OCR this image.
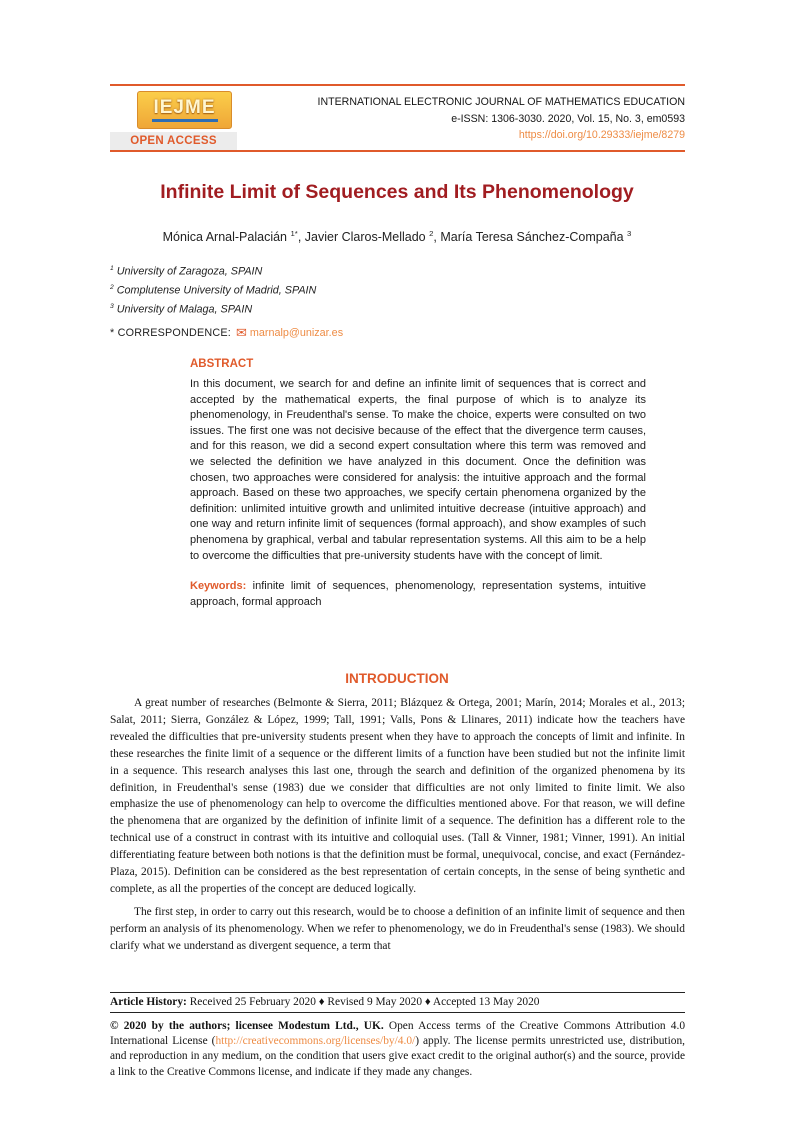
IEJME
OPEN ACCESS
INTERNATIONAL ELECTRONIC JOURNAL OF MATHEMATICS EDUCATION
e-ISSN: 1306-3030. 2020, Vol. 15, No. 3, em0593
https://doi.org/10.29333/iejme/8279
Infinite Limit of Sequences and Its Phenomenology
Mónica Arnal-Palacián $^{1*}$, Javier Claros-Mellado $^2$, María Teresa Sánchez-Compaña $^3$
$^1$ University of Zaragoza, SPAIN
$^2$ Complutense University of Madrid, SPAIN
$^3$ University of Malaga, SPAIN
* CORRESPONDENCE: ✉ marnalp@unizar.es
ABSTRACT

In this document, we search for and define an infinite limit of sequences that is correct and accepted by the mathematical experts, the final purpose of which is to analyze its phenomenology, in Freudenthal's sense. To make the choice, experts were consulted on two issues. The first one was not decisive because of the effect that the divergence term causes, and for this reason, we did a second expert consultation where this term was removed and we selected the definition we have analyzed in this document. Once the definition was chosen, two approaches were considered for analysis: the intuitive approach and the formal approach. Based on these two approaches, we specify certain phenomena organized by the definition: unlimited intuitive growth and unlimited intuitive decrease (intuitive approach) and one way and return infinite limit of sequences (formal approach), and show examples of such phenomena by graphical, verbal and tabular representation systems. All this aim to be a help to overcome the difficulties that pre-university students have with the concept of limit.

Keywords: infinite limit of sequences, phenomenology, representation systems, intuitive approach, formal approach

INTRODUCTION

A great number of researches (Belmonte & Sierra, 2011; Blázquez & Ortega, 2001; Marín, 2014; Morales et al., 2013; Salat, 2011; Sierra, González & López, 1999; Tall, 1991; Valls, Pons & Llinares, 2011) indicate how the teachers have revealed the difficulties that pre-university students present when they have to approach the concepts of limit and infinite. In these researches the finite limit of a sequence or the different limits of a function have been studied but not the infinite limit in a sequence. This research analyses this last one, through the search and definition of the organized phenomena by its definition, in Freudenthal's sense (1983) due we consider that difficulties are not only limited to finite limit. We also emphasize the use of phenomenology can help to overcome the difficulties mentioned above. For that reason, we will define the phenomena that are organized by the definition of infinite limit of a sequence. The definition has a different role to the technical use of a construct in contrast with its intuitive and colloquial uses. (Tall & Vinner, 1981; Vinner, 1991). An initial differentiating feature between both notions is that the definition must be formal, unequivocal, concise, and exact (Fernández-Plaza, 2015). Definition can be considered as the best representation of certain concepts, in the sense of being synthetic and complete, as all the properties of the concept are deduced logically.

The first step, in order to carry out this research, would be to choose a definition of an infinite limit of sequence and then perform an analysis of its phenomenology. When we refer to phenomenology, we do in Freudenthal's sense (1983). We should clarify what we understand as divergent sequence, a term that

Article History: Received 25 February 2020 ♦ Revised 9 May 2020 ♦ Accepted 13 May 2020

© 2020 by the authors; licensee Modestum Ltd., UK. Open Access terms of the Creative Commons Attribution 4.0 International License (http://creativecommons.org/licenses/by/4.0/) apply. The license permits unrestricted use, distribution, and reproduction in any medium, on the condition that users give exact credit to the original author(s) and the source, provide a link to the Creative Commons license, and indicate if they made any changes.
